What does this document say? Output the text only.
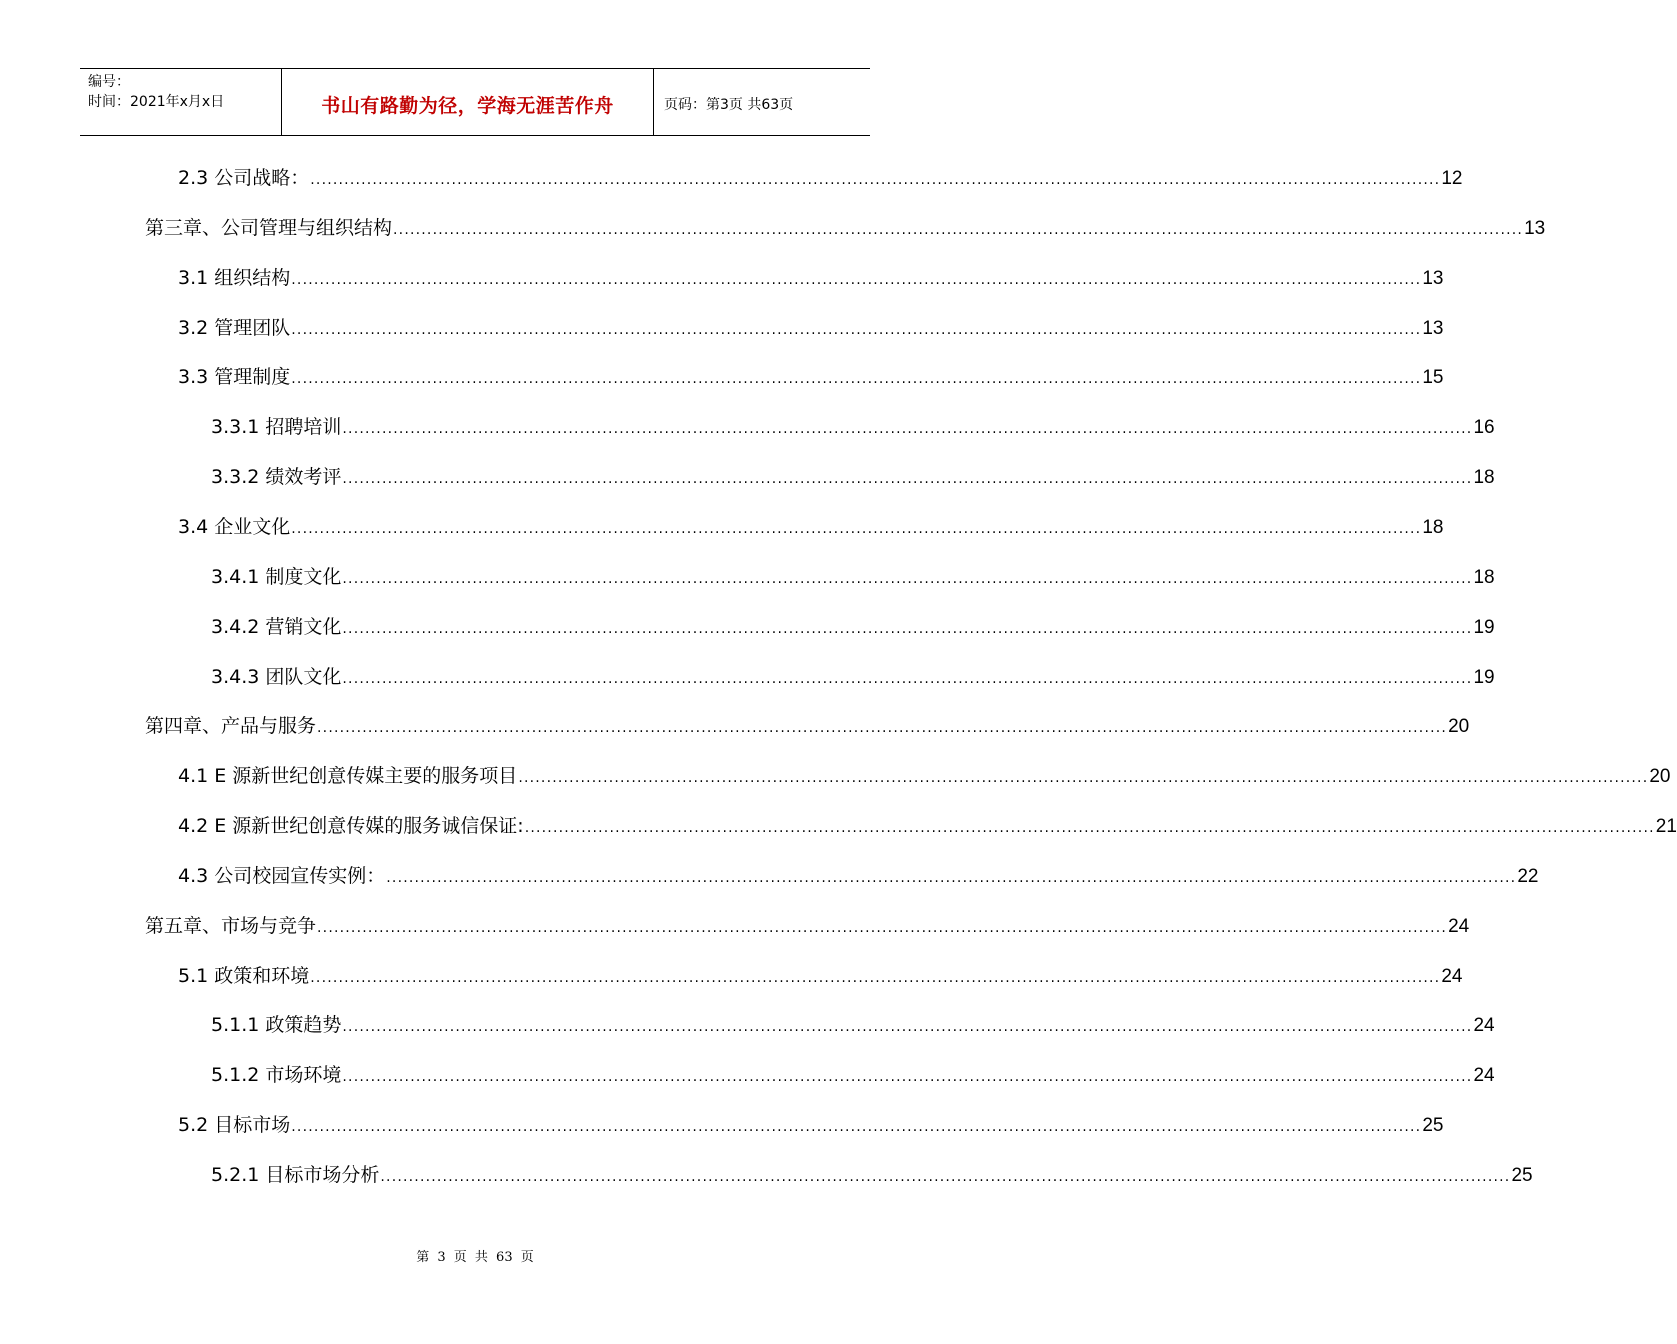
编号：
时间：2021年x月x日	书山有路勤为径，学海无涯苦作舟	页码：第3页 共63页
2.3 公司战略： ........................................................................................................................................................................................................ 12
第三章、公司管理与组织结构 ........................................................................................................................................................................................................ 13
3.1 组织结构 ........................................................................................................................................................................................................ 13
3.2 管理团队 ........................................................................................................................................................................................................ 13
3.3 管理制度 ........................................................................................................................................................................................................ 15
3.3.1 招聘培训 ........................................................................................................................................................................................................ 16
3.3.2 绩效考评 ........................................................................................................................................................................................................ 18
3.4 企业文化 ........................................................................................................................................................................................................ 18
3.4.1 制度文化 ........................................................................................................................................................................................................ 18
3.4.2 营销文化 ........................................................................................................................................................................................................ 19
3.4.3 团队文化 ........................................................................................................................................................................................................ 19
第四章、产品与服务 ........................................................................................................................................................................................................ 20
4.1 E 源新世纪创意传媒主要的服务项目 ........................................................................................................................................................................................................ 20
4.2 E 源新世纪创意传媒的服务诚信保证: ........................................................................................................................................................................................................ 21
4.3 公司校园宣传实例： ........................................................................................................................................................................................................ 22
第五章、市场与竞争 ........................................................................................................................................................................................................ 24
5.1 政策和环境 ........................................................................................................................................................................................................ 24
5.1.1 政策趋势 ........................................................................................................................................................................................................ 24
5.1.2 市场环境 ........................................................................................................................................................................................................ 24
5.2 目标市场 ........................................................................................................................................................................................................ 25
5.2.1 目标市场分析 ........................................................................................................................................................................................................ 25
第 3 页 共 63 页
